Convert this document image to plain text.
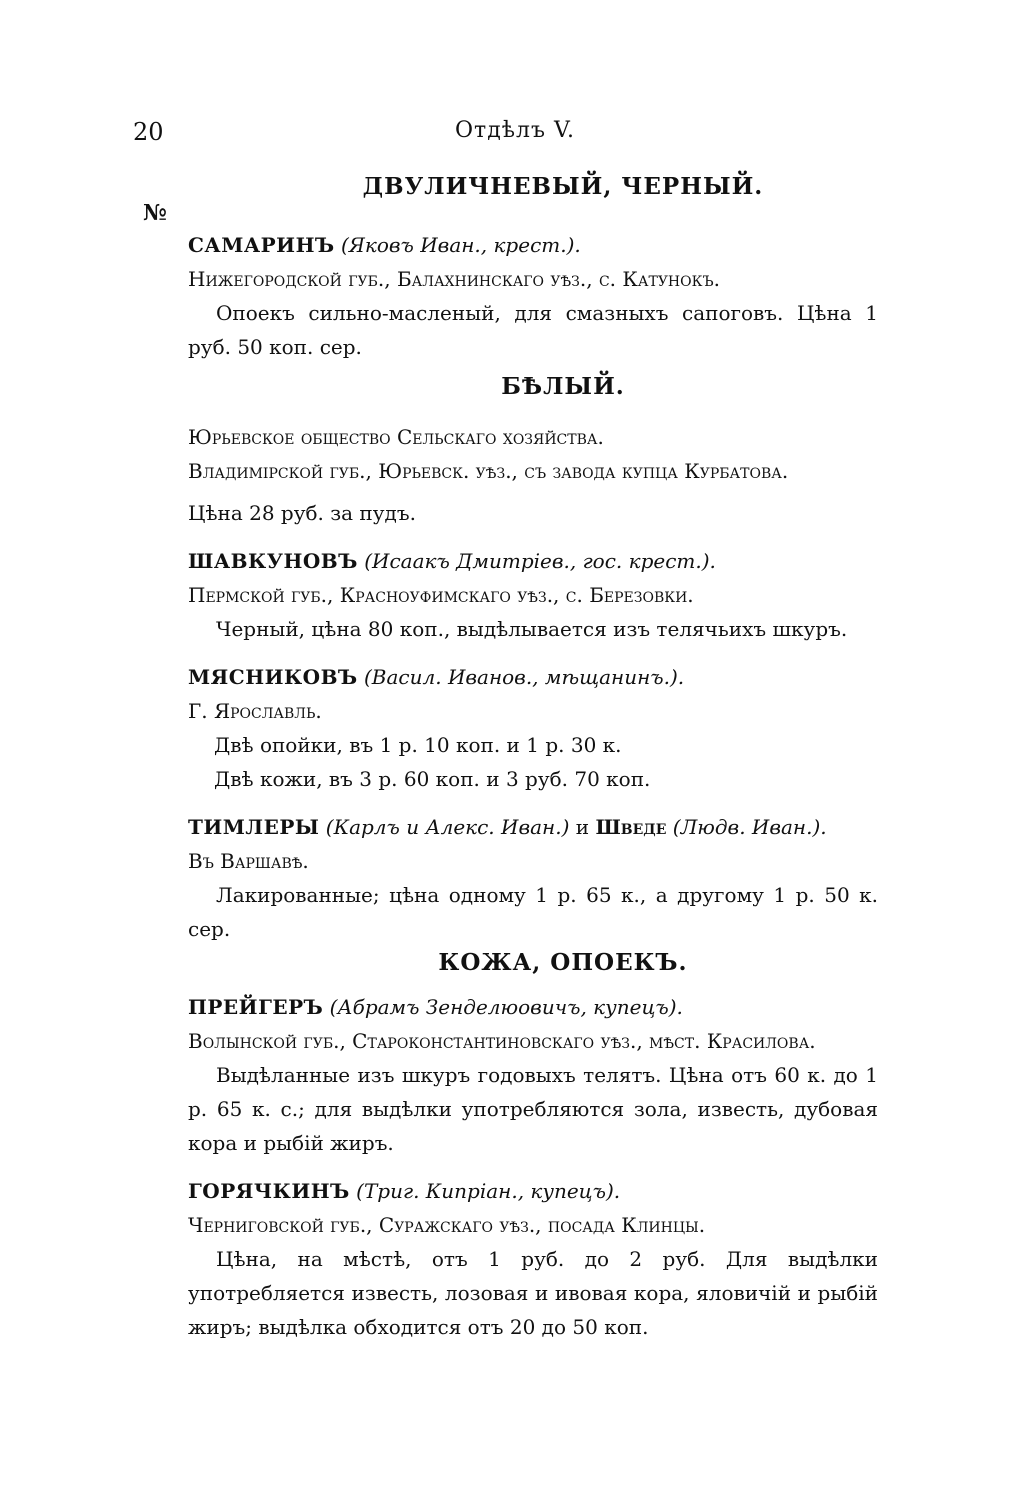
20	Отдѣлъ V.
№
ДВУЛИЧНЕВЫЙ, ЧЕРНЫЙ.

САМАРИНЪ (Яковъ Иван., крест.).

Нижегородской губ., Балахнинскаго уѣз., с. Катунокъ.

Опоекъ сильно-масленый, для смазныхъ сапоговъ. Цѣна 1 руб. 50 коп. сер.

БѢЛЫЙ.

Юрьевское общество Сельскаго хозяйства.

Владимірской губ., Юрьевск. уѣз., съ завода купца Курбатова.

Цѣна 28 руб. за пудъ.

ШАВКУНОВЪ (Исаакъ Дмитріев., гос. крест.).

Пермской губ., Красноуфимскаго уѣз., с. Березовки.

Черный, цѣна 80 коп., выдѣлывается изъ телячьихъ шкуръ.

МЯСНИКОВЪ (Васил. Иванов., мѣщанинъ.).

Г. Ярославль.

Двѣ опойки, въ 1 р. 10 коп. и 1 р. 30 к.

Двѣ кожи, въ 3 р. 60 коп. и 3 руб. 70 коп.

ТИМЛЕРЫ (Карлъ и Алекс. Иван.) и Шведе (Людв. Иван.).

Въ Варшавѣ.

Лакированные; цѣна одному 1 р. 65 к., а другому 1 р. 50 к. сер.

КОЖА, ОПОЕКЪ.

ПРЕЙГЕРЪ (Абрамъ Зенделюовичъ, купецъ).

Волынской губ., Староконстантиновскаго уѣз., мѣст. Красилова.

Выдѣланные изъ шкуръ годовыхъ телятъ. Цѣна отъ 60 к. до 1 р. 65 к. с.; для выдѣлки употребляются зола, известь, дубовая кора и рыбій жиръ.

ГОРЯЧКИНЪ (Триг. Кипріан., купецъ).

Черниговской губ., Суражскаго уѣз., посада Клинцы.

Цѣна, на мѣстѣ, отъ 1 руб. до 2 руб. Для выдѣлки употребляется известь, лозовая и ивовая кора, яловичій и рыбій жиръ; выдѣлка обходится отъ 20 до 50 коп.
